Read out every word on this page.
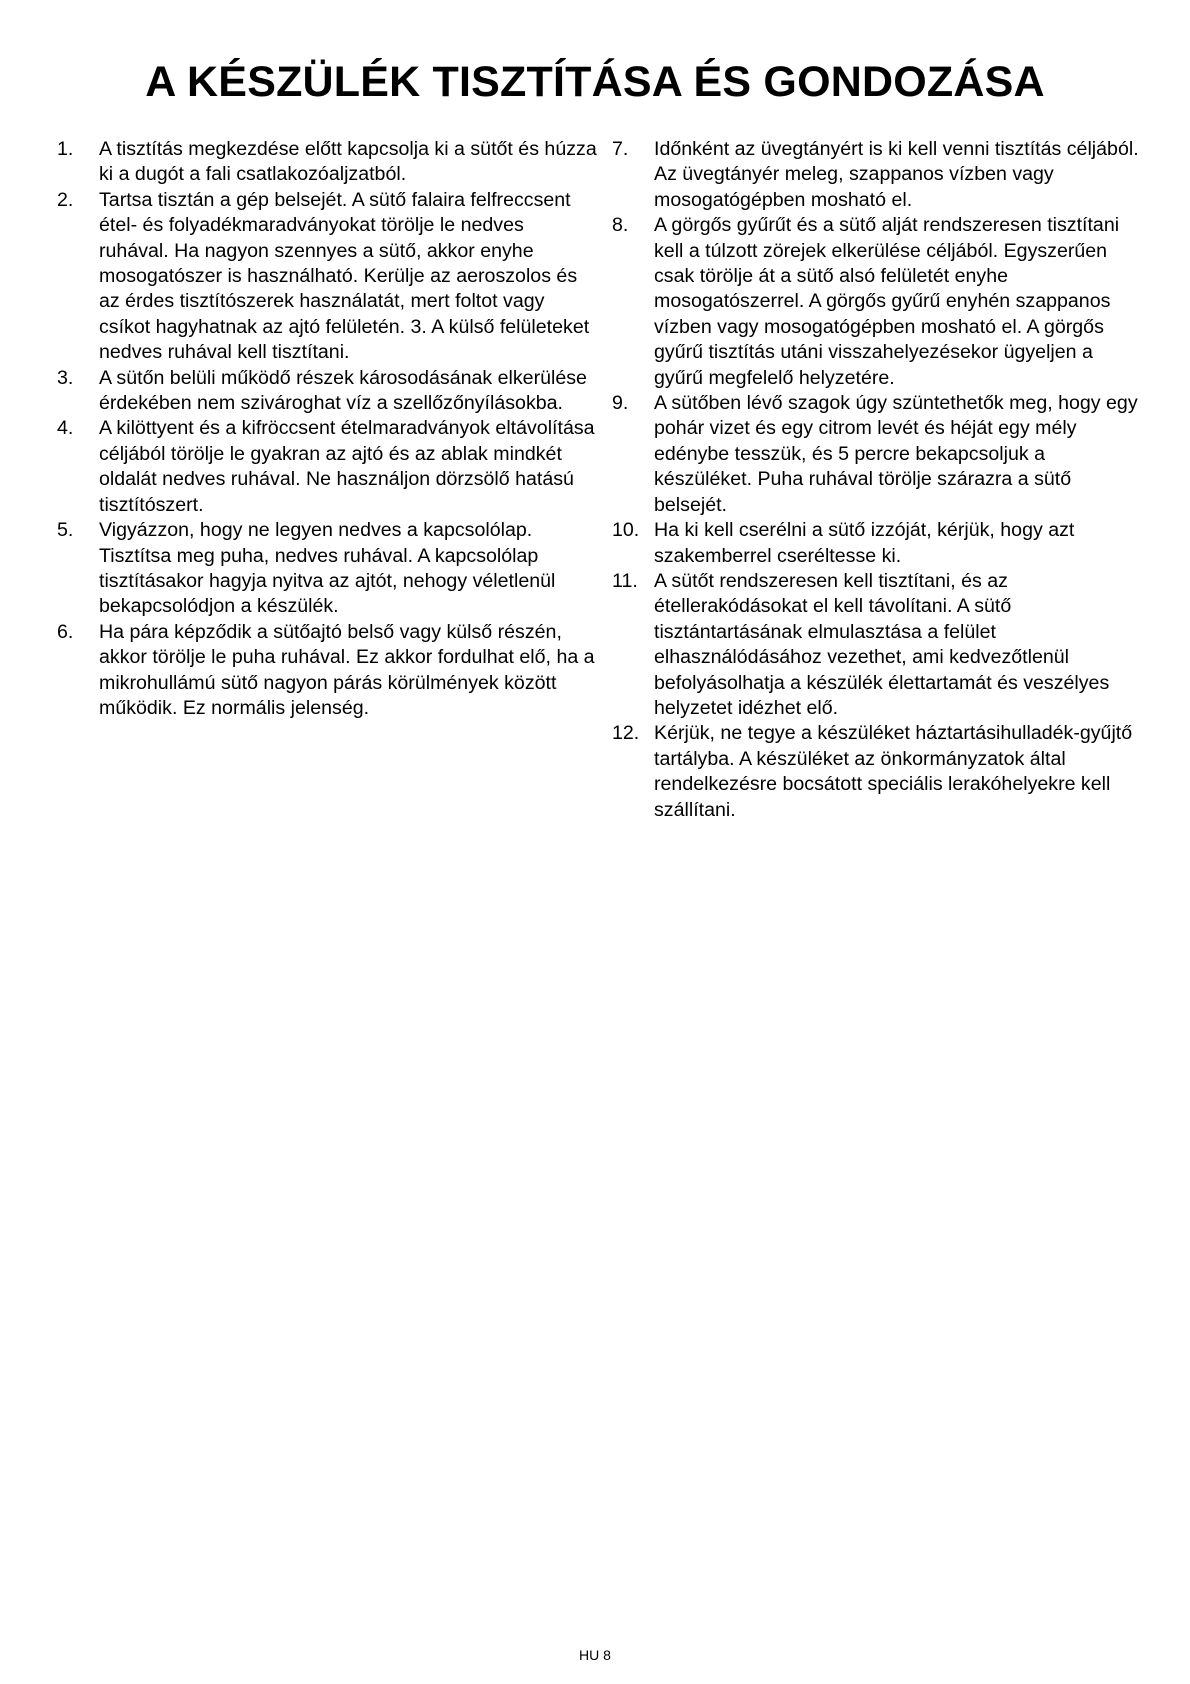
A KÉSZÜLÉK TISZTÍTÁSA ÉS GONDOZÁSA
1.	A tisztítás megkezdése előtt kapcsolja ki a sütőt és húzza ki a dugót a fali csatlakozóaljzatból.
2.	Tartsa tisztán a gép belsejét. A sütő falaira felfreccsent étel- és folyadékmaradványokat törölje le nedves ruhával. Ha nagyon szennyes a sütő, akkor enyhe mosogatószer is használható. Kerülje az aeroszolos és az érdes tisztítószerek használatát, mert foltot vagy csíkot hagyhatnak az ajtó felületén. 3. A külső felületeket nedves ruhával kell tisztítani.
3.	A sütőn belüli működő részek károsodásának elkerülése érdekében nem szivároghat víz a szellőzőnyílásokba.
4.	A kilöttyent és a kifröccsent ételmaradványok eltávolítása céljából törölje le gyakran az ajtó és az ablak mindkét oldalát nedves ruhával. Ne használjon dörzsölő hatású tisztítószert.
5.	Vigyázzon, hogy ne legyen nedves a kapcsolólap. Tisztítsa meg puha, nedves ruhával. A kapcsolólap tisztításakor hagyja nyitva az ajtót, nehogy véletlenül bekapcsolódjon a készülék.
6.	Ha pára képződik a sütőajtó belső vagy külső részén, akkor törölje le puha ruhával. Ez akkor fordulhat elő, ha a mikrohullámú sütő nagyon párás körülmények között működik. Ez normális jelenség.
7.	Időnként az üvegtányért is ki kell venni tisztítás céljából. Az üvegtányér meleg, szappanos vízben vagy mosogatógépben mosható el.
8.	A görgős gyűrűt és a sütő alját rendszeresen tisztítani kell a túlzott zörejek elkerülése céljából. Egyszerűen csak törölje át a sütő alsó felületét enyhe mosogatószerrel. A görgős gyűrű enyhén szappanos vízben vagy mosogatógépben mosható el. A görgős gyűrű tisztítás utáni visszahelyezésekor ügyeljen a gyűrű megfelelő helyzetére.
9.	A sütőben lévő szagok úgy szüntethetők meg, hogy egy pohár vizet és egy citrom levét és héját egy mély edénybe tesszük, és 5 percre bekapcsoljuk a készüléket. Puha ruhával törölje szárazra a sütő belsejét.
10. Ha ki kell cserélni a sütő izzóját, kérjük, hogy azt szakemberrel cseréltesse ki.
11. A sütőt rendszeresen kell tisztítani, és az étellerakódásokat el kell távolítani. A sütő tisztántartásának elmulasztása a felület elhasználódásához vezethet, ami kedvezőtlenül befolyásolhatja a készülék élettartamát és veszélyes helyzetet idézhet elő.
12. Kérjük, ne tegye a készüléket háztartásihulladék-gyűjtő tartályba. A készüléket az önkormányzatok által rendelkezésre bocsátott speciális lerakóhelyekre kell szállítani.
HU 8
